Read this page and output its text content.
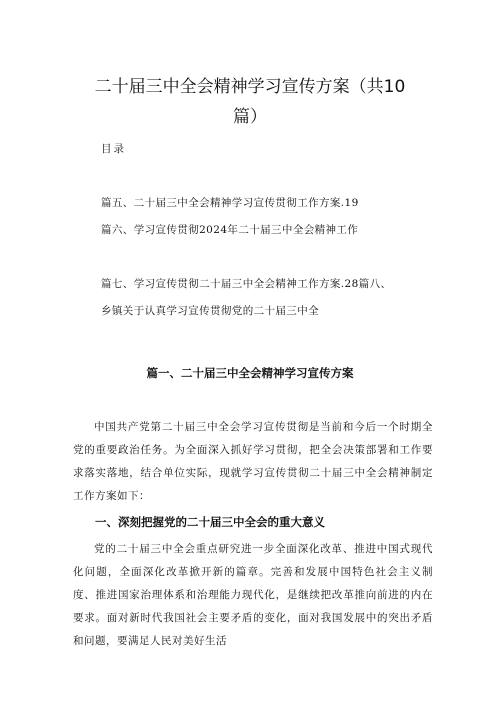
二十届三中全会精神学习宣传方案（共10
篇）
目录
篇五、二十届三中全会精神学习宣传贯彻工作方案.19
篇六、学习宣传贯彻2024年二十届三中全会精神工作
篇七、学习宣传贯彻二十届三中全会精神工作方案.28篇八、
乡镇关于认真学习宣传贯彻党的二十届三中全
篇一、二十届三中全会精神学习宣传方案

中国共产党第二十届三中全会学习宣传贯彻是当前和今后一个时期全党的重要政治任务。为全面深入抓好学习贯彻，把全会决策部署和工作要求落实落地，结合单位实际，现就学习宣传贯彻二十届三中全会精神制定工作方案如下：

一、深刻把握党的二十届三中全会的重大意义

党的二十届三中全会重点研究进一步全面深化改革、推进中国式现代化问题，全面深化改革掀开新的篇章。完善和发展中国特色社会主义制度、推进国家治理体系和治理能力现代化，是继续把改革推向前进的内在要求。面对新时代我国社会主要矛盾的变化，面对我国发展中的突出矛盾和问题，要满足人民对美好生活
